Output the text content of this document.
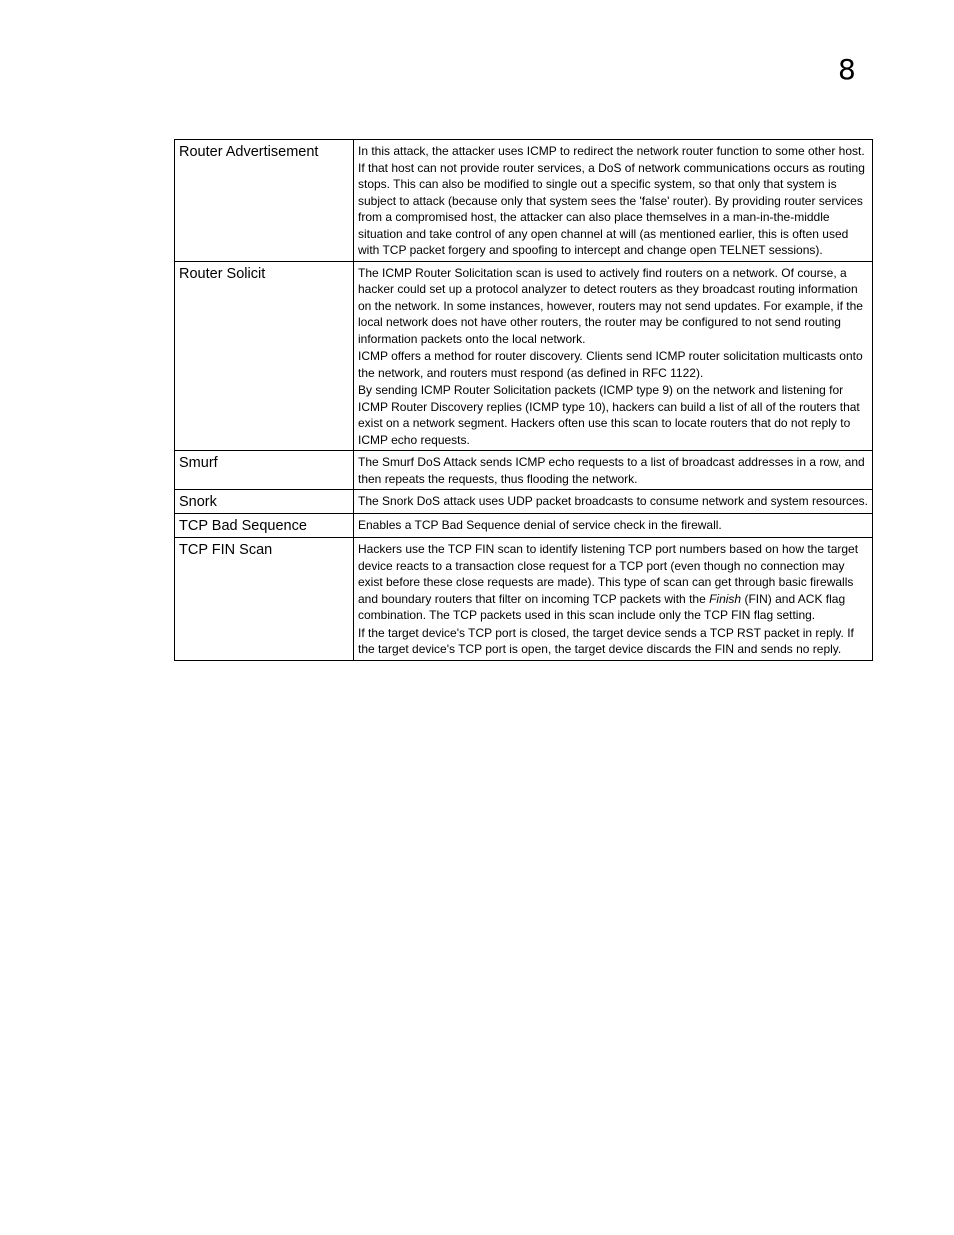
8
Router Advertisement	In this attack, the attacker uses ICMP to redirect the network router function to some other host. If that host can not provide router services, a DoS of network communications occurs as routing stops. This can also be modified to single out a specific system, so that only that system is subject to attack (because only that system sees the 'false' router). By providing router services from a compromised host, the attacker can also place themselves in a man-in-the-middle situation and take control of any open channel at will (as mentioned earlier, this is often used with TCP packet forgery and spoofing to intercept and change open TELNET sessions).

Router Solicit	The ICMP Router Solicitation scan is used to actively find routers on a network. Of course, a hacker could set up a protocol analyzer to detect routers as they broadcast routing information on the network. In some instances, however, routers may not send updates. For example, if the local network does not have other routers, the router may be configured to not send routing information packets onto the local network.

ICMP offers a method for router discovery. Clients send ICMP router solicitation multicasts onto the network, and routers must respond (as defined in RFC 1122).

By sending ICMP Router Solicitation packets (ICMP type 9) on the network and listening for ICMP Router Discovery replies (ICMP type 10), hackers can build a list of all of the routers that exist on a network segment. Hackers often use this scan to locate routers that do not reply to ICMP echo requests.

Smurf	The Smurf DoS Attack sends ICMP echo requests to a list of broadcast addresses in a row, and then repeats the requests, thus flooding the network.

Snork	The Snork DoS attack uses UDP packet broadcasts to consume network and system resources.

TCP Bad Sequence	Enables a TCP Bad Sequence denial of service check in the firewall.

TCP FIN Scan	Hackers use the TCP FIN scan to identify listening TCP port numbers based on how the target device reacts to a transaction close request for a TCP port (even though no connection may exist before these close requests are made). This type of scan can get through basic firewalls and boundary routers that filter on incoming TCP packets with the Finish (FIN) and ACK flag combination. The TCP packets used in this scan include only the TCP FIN flag setting.

If the target device's TCP port is closed, the target device sends a TCP RST packet in reply. If the target device's TCP port is open, the target device discards the FIN and sends no reply.
